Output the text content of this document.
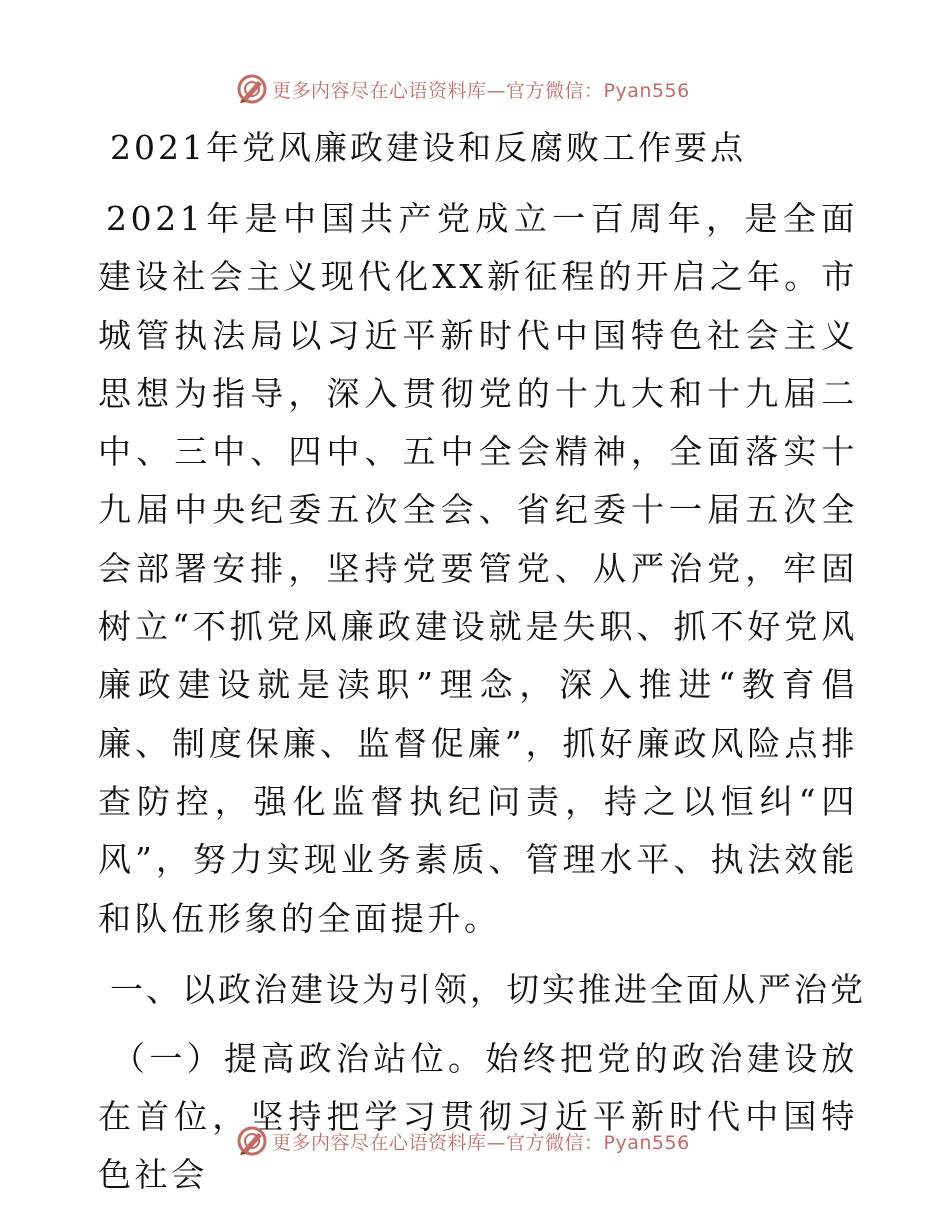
更多内容尽在心语资料库—官方微信：Pyan556
2021年党风廉政建设和反腐败工作要点

2021年是中国共产党成立一百周年，是全面建设社会主义现代化XX新征程的开启之年。市城管执法局以习近平新时代中国特色社会主义思想为指导，深入贯彻党的十九大和十九届二中、三中、四中、五中全会精神，全面落实十九届中央纪委五次全会、省纪委十一届五次全会部署安排，坚持党要管党、从严治党，牢固树立“不抓党风廉政建设就是失职、抓不好党风廉政建设就是渎职”理念，深入推进“教育倡廉、制度保廉、监督促廉”，抓好廉政风险点排查防控，强化监督执纪问责，持之以恒纠“四风”，努力实现业务素质、管理水平、执法效能和队伍形象的全面提升。

一、以政治建设为引领，切实推进全面从严治党

（一）提高政治站位。始终把党的政治建设放在首位，坚持把学习贯彻习近平新时代中国特色社会

更多内容尽在心语资料库—官方微信：Pyan556
